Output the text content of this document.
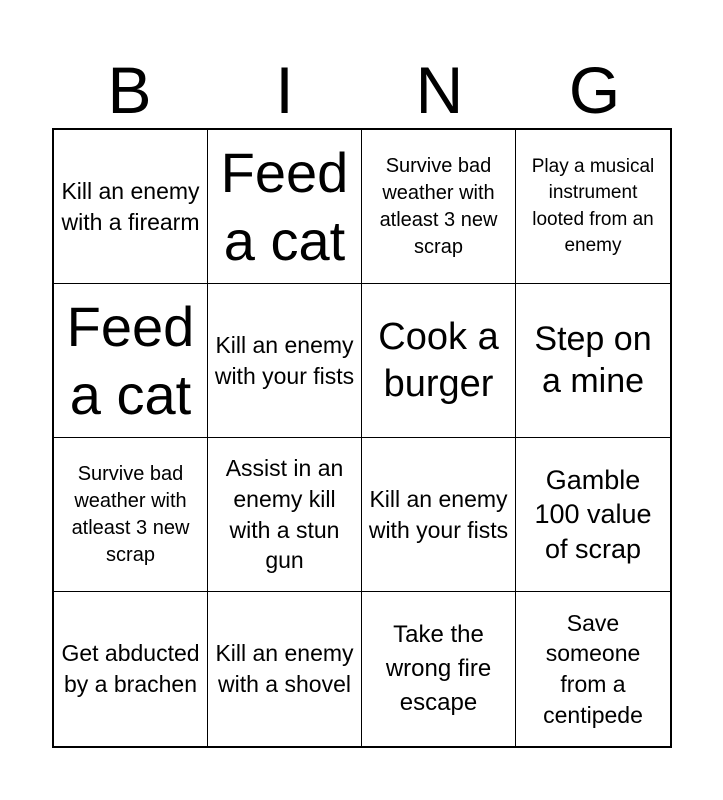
B	I	N	G
Kill an enemy with a firearm
Feed a cat
Survive bad weather with atleast 3 new scrap
Play a musical instrument looted from an enemy
Feed a cat
Kill an enemy with your fists
Cook a burger
Step on a mine
Survive bad weather with atleast 3 new scrap
Assist in an enemy kill with a stun gun
Kill an enemy with your fists
Gamble 100 value of scrap
Get abducted by a brachen
Kill an enemy with a shovel
Take the wrong fire escape
Save someone from a centipede
